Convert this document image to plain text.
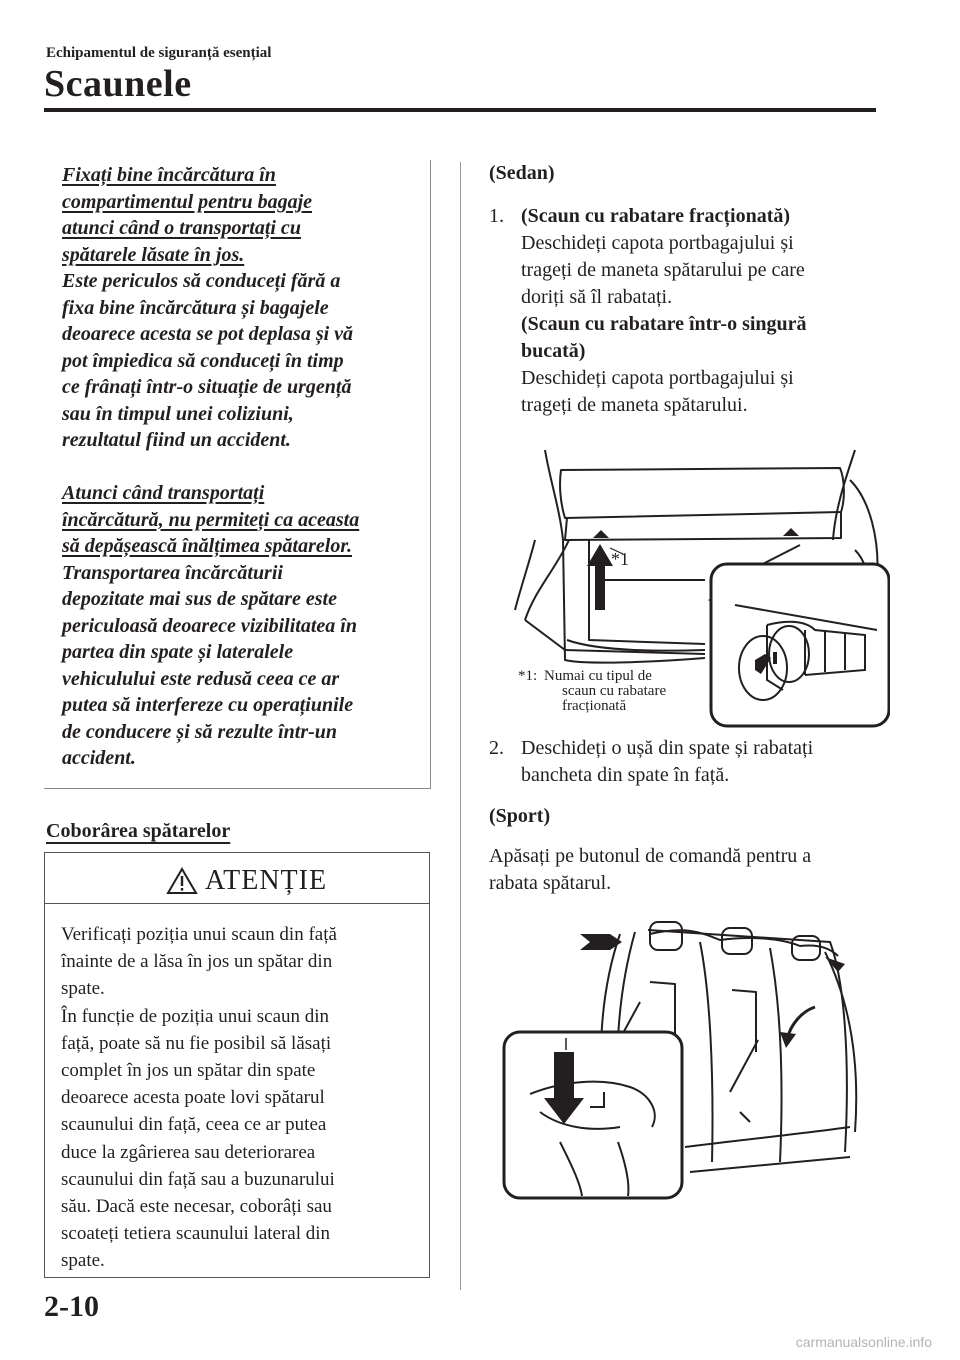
Echipamentul de siguranță esențial
Scaunele
Fixați bine încărcătura în
compartimentul pentru bagaje
atunci când o transportați cu
spătarele lăsate în jos.
Este periculos să conduceți fără a
fixa bine încărcătura și bagajele
deoarece acesta se pot deplasa și vă
pot împiedica să conduceți în timp
ce frânați într-o situație de urgență
sau în timpul unei coliziuni,
rezultatul fiind un accident.
Atunci când transportați
încărcătură, nu permiteți ca aceasta
să depășească înălțimea spătarelor.
Transportarea încărcăturii
depozitate mai sus de spătare este
periculoasă deoarece vizibilitatea în
partea din spate și lateralele
vehiculului este redusă ceea ce ar
putea să interfereze cu operațiunile
de conducere și să rezulte într-un
accident.
Coborârea spătarelor
ATENȚIE
Verificați poziția unui scaun din față
înainte de a lăsa în jos un spătar din
spate.
În funcție de poziția unui scaun din
față, poate să nu fie posibil să lăsați
complet în jos un spătar din spate
deoarece acesta poate lovi spătarul
scaunului din față, ceea ce ar putea
duce la zgârierea sau deteriorarea
scaunului din față sau a buzunarului
său. Dacă este necesar, coborâți sau
scoateți tetiera scaunului lateral din
spate.
(Sedan)
1. (Scaun cu rabatare fracționată)
Deschideți capota portbagajului și
trageți de maneta spătarului pe care
doriți să îl rabatați.
(Scaun cu rabatare într-o singură
bucată)
Deschideți capota portbagajului și
trageți de maneta spătarului.
*1
*1: Numai cu tipul de
scaun cu rabatare
fracționată
2. Deschideți o ușă din spate și rabatați
bancheta din spate în față.
(Sport)
Apăsați pe butonul de comandă pentru a
rabata spătarul.
2-10
carmanualsonline.info
